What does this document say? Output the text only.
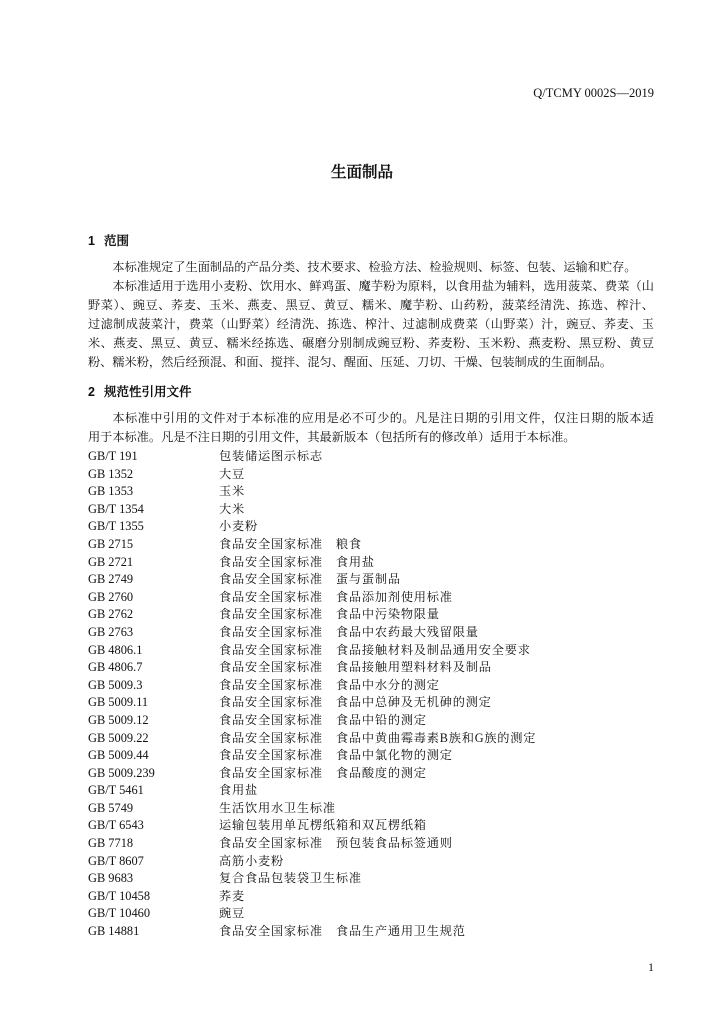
Q/TCMY 0002S—2019
生面制品
1 范围
本标准规定了生面制品的产品分类、技术要求、检验方法、检验规则、标签、包装、运输和贮存。
本标准适用于选用小麦粉、饮用水、鲜鸡蛋、魔芋粉为原料，以食用盐为辅料，选用菠菜、费菜（山
野菜）、豌豆、荞麦、玉米、燕麦、黑豆、黄豆、糯米、魔芋粉、山药粉，菠菜经清洗、拣选、榨汁、
过滤制成菠菜汁，费菜（山野菜）经清洗、拣选、榨汁、过滤制成费菜（山野菜）汁，豌豆、荞麦、玉
米、燕麦、黑豆、黄豆、糯米经拣选、碾磨分别制成豌豆粉、荞麦粉、玉米粉、燕麦粉、黑豆粉、黄豆
粉、糯米粉，然后经预混、和面、搅拌、混匀、醒面、压延、刀切、干燥、包装制成的生面制品。
2 规范性引用文件
本标准中引用的文件对于本标准的应用是必不可少的。凡是注日期的引用文件，仅注日期的版本适
用于本标准。凡是不注日期的引用文件，其最新版本（包括所有的修改单）适用于本标准。
GB/T 191	包装储运图示标志
GB 1352	大豆
GB 1353	玉米
GB/T 1354	大米
GB/T 1355	小麦粉
GB 2715	食品安全国家标准　粮食
GB 2721	食品安全国家标准　食用盐
GB 2749	食品安全国家标准　蛋与蛋制品
GB 2760	食品安全国家标准　食品添加剂使用标准
GB 2762	食品安全国家标准　食品中污染物限量
GB 2763	食品安全国家标准　食品中农药最大残留限量
GB 4806.1	食品安全国家标准　食品接触材料及制品通用安全要求
GB 4806.7	食品安全国家标准　食品接触用塑料材料及制品
GB 5009.3	食品安全国家标准　食品中水分的测定
GB 5009.11	食品安全国家标准　食品中总砷及无机砷的测定
GB 5009.12	食品安全国家标准　食品中铅的测定
GB 5009.22	食品安全国家标准　食品中黄曲霉毒素B族和G族的测定
GB 5009.44	食品安全国家标准　食品中氯化物的测定
GB 5009.239	食品安全国家标准　食品酸度的测定
GB/T 5461	食用盐
GB 5749	生活饮用水卫生标准
GB/T 6543	运输包装用单瓦楞纸箱和双瓦楞纸箱
GB 7718	食品安全国家标准　预包装食品标签通则
GB/T 8607	高筋小麦粉
GB 9683	复合食品包装袋卫生标准
GB/T 10458	荞麦
GB/T 10460	豌豆
GB 14881	食品安全国家标准　食品生产通用卫生规范
1
